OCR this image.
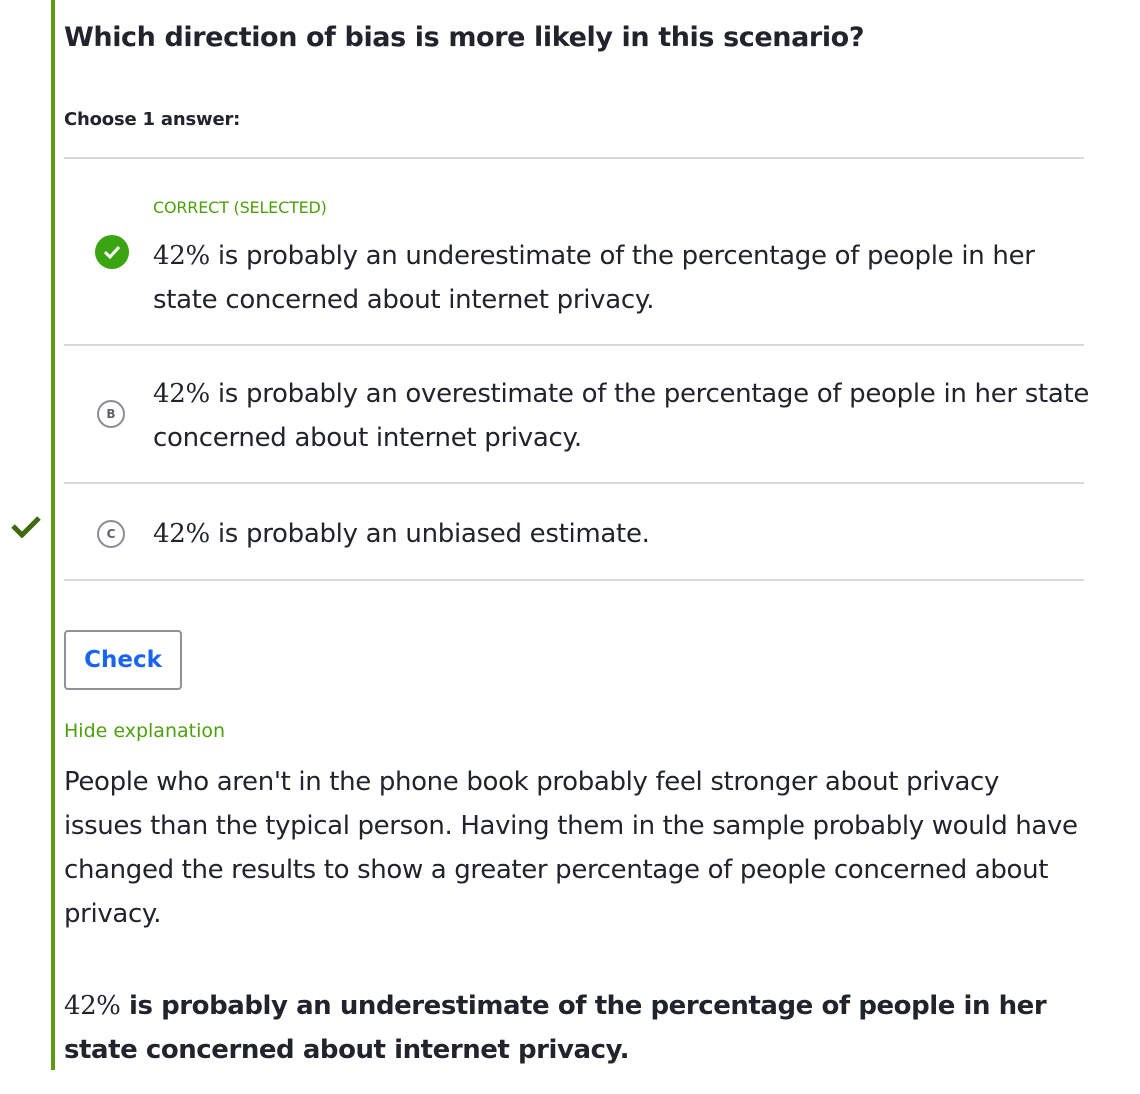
Which direction of bias is more likely in this scenario?
Choose 1 answer:
CORRECT (SELECTED)
42% is probably an underestimate of the percentage of people in her state concerned about internet privacy.
B
42% is probably an overestimate of the percentage of people in her state concerned about internet privacy.
C	42% is probably an unbiased estimate.
Check
Hide explanation
People who aren't in the phone book probably feel stronger about privacy issues than the typical person. Having them in the sample probably would have changed the results to show a greater percentage of people concerned about privacy.
42% is probably an underestimate of the percentage of people in her state concerned about internet privacy.
